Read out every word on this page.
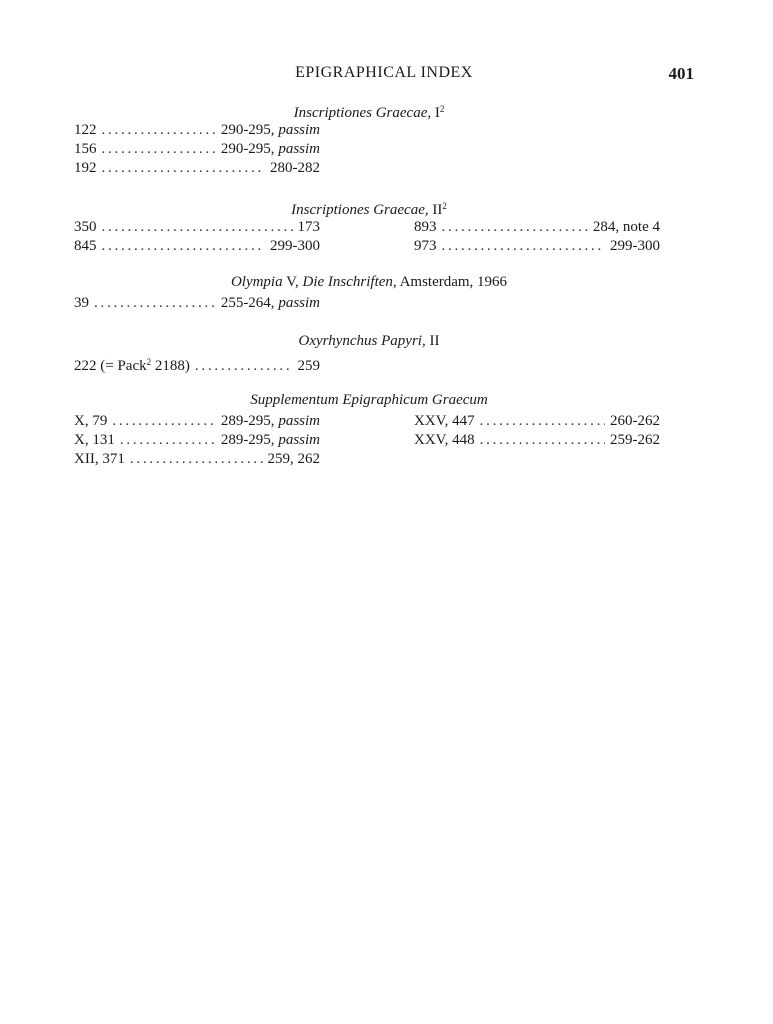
EPIGRAPHICAL INDEX	401
Inscriptiones Graecae, $I^2$
122 . . .	290-295, passim
156 . . .	290-295, passim
192 . . .	280-282
Inscriptiones Graecae, $II^2$
350 . . .	173
845 . . .	299-300
893 . . .	284, note 4
973 . . .	299-300
Olympia V, Die Inschriften, Amsterdam, 1966
39 . . .	255-264, passim
Oxyrhynchus Papyri, II
222 (= Pack$^2$ 2188) . . .	259
Supplementum Epigraphicum Graecum
X, 79 . . .	289-295, passim
X, 131 . . .	289-295, passim
XII, 371 . . .	259, 262
XXV, 447 . . .	260-262
XXV, 448 . . .	259-262
